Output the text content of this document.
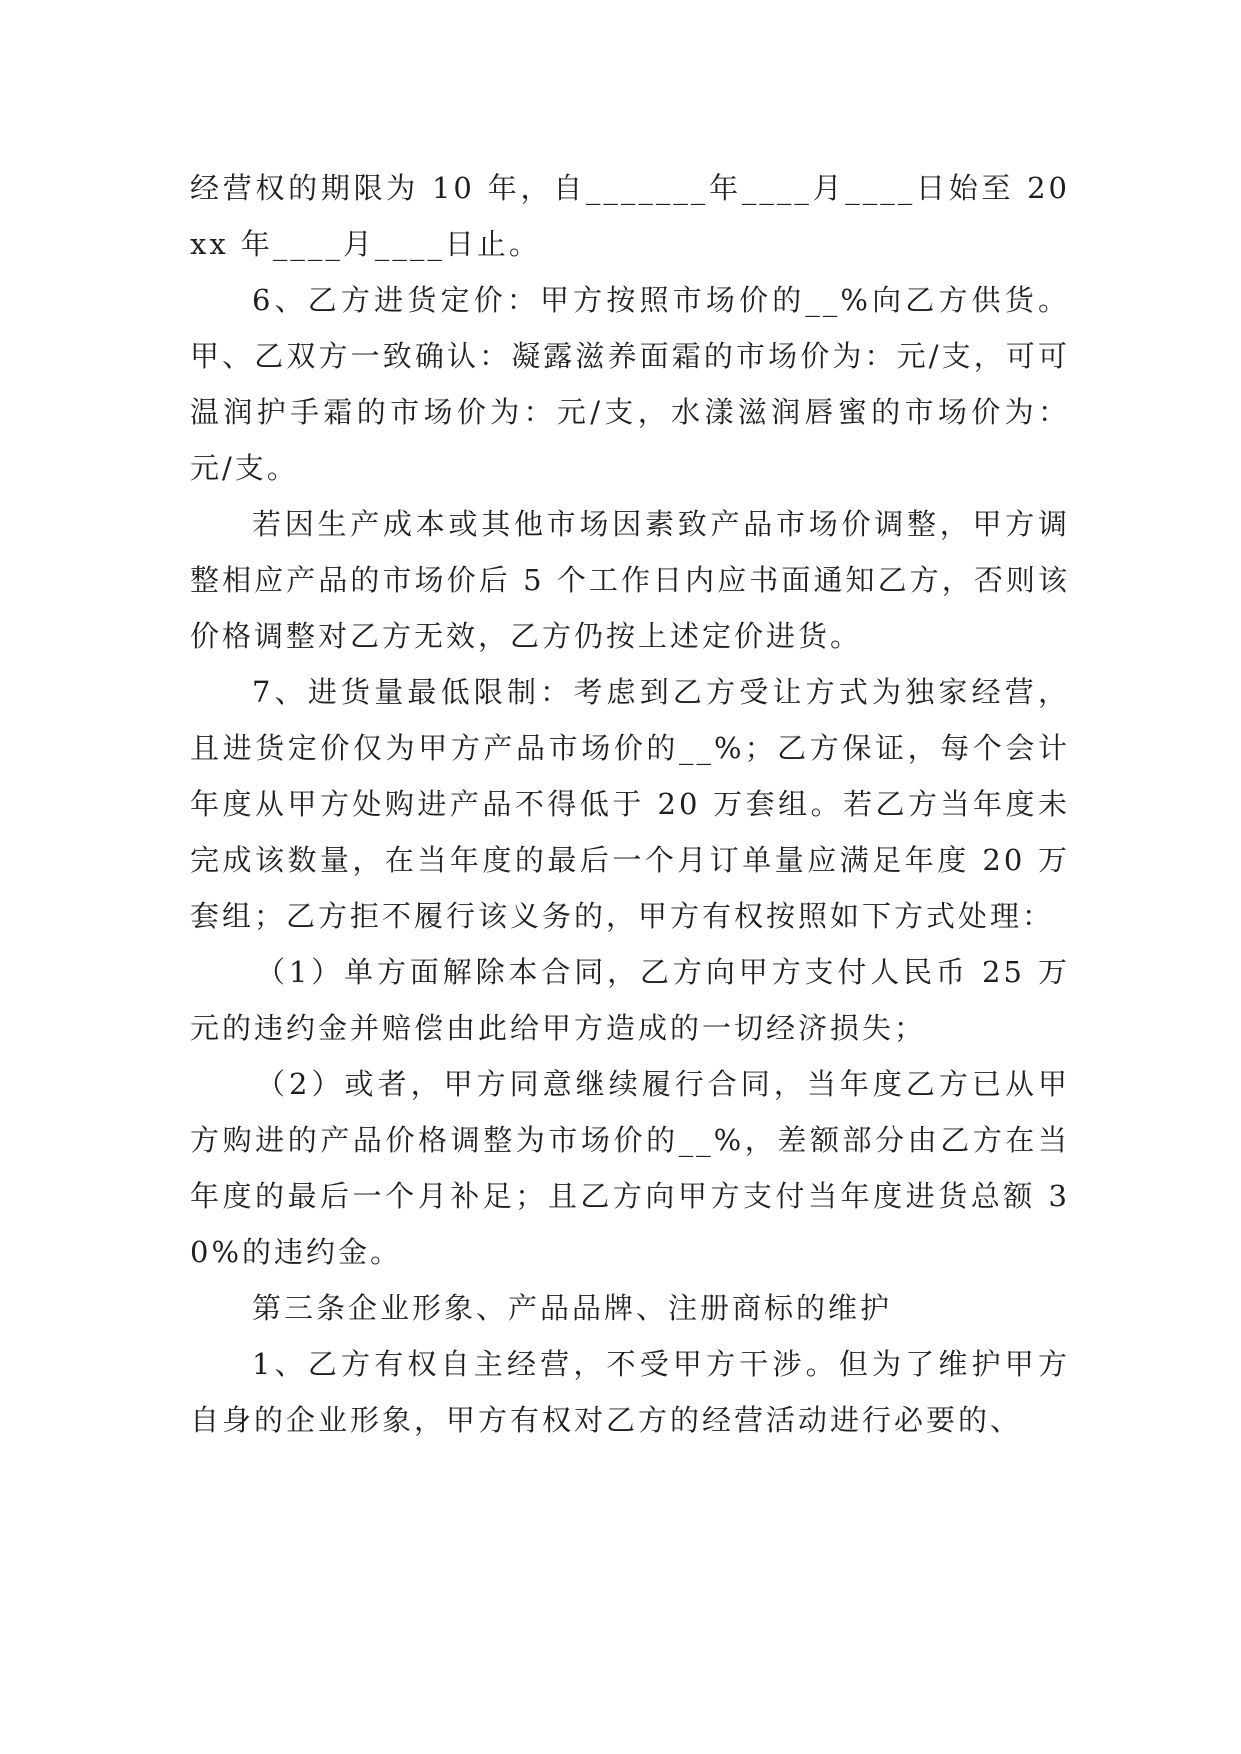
经营权的期限为 10 年，自_______年____月____日始至 20xx 年____月____日止。

6、乙方进货定价：甲方按照市场价的__%向乙方供货。甲、乙双方一致确认：凝露滋养面霜的市场价为：元/支，可可温润护手霜的市场价为：元/支，水漾滋润唇蜜的市场价为：元/支。

若因生产成本或其他市场因素致产品市场价调整，甲方调整相应产品的市场价后 5 个工作日内应书面通知乙方，否则该价格调整对乙方无效，乙方仍按上述定价进货。

7、进货量最低限制：考虑到乙方受让方式为独家经营，且进货定价仅为甲方产品市场价的__%；乙方保证，每个会计年度从甲方处购进产品不得低于 20 万套组。若乙方当年度未完成该数量，在当年度的最后一个月订单量应满足年度 20 万套组；乙方拒不履行该义务的，甲方有权按照如下方式处理：

（1）单方面解除本合同，乙方向甲方支付人民币 25 万元的违约金并赔偿由此给甲方造成的一切经济损失；

（2）或者，甲方同意继续履行合同，当年度乙方已从甲方购进的产品价格调整为市场价的__%，差额部分由乙方在当年度的最后一个月补足；且乙方向甲方支付当年度进货总额 30%的违约金。

第三条企业形象、产品品牌、注册商标的维护

1、乙方有权自主经营，不受甲方干涉。但为了维护甲方自身的企业形象，甲方有权对乙方的经营活动进行必要的、
